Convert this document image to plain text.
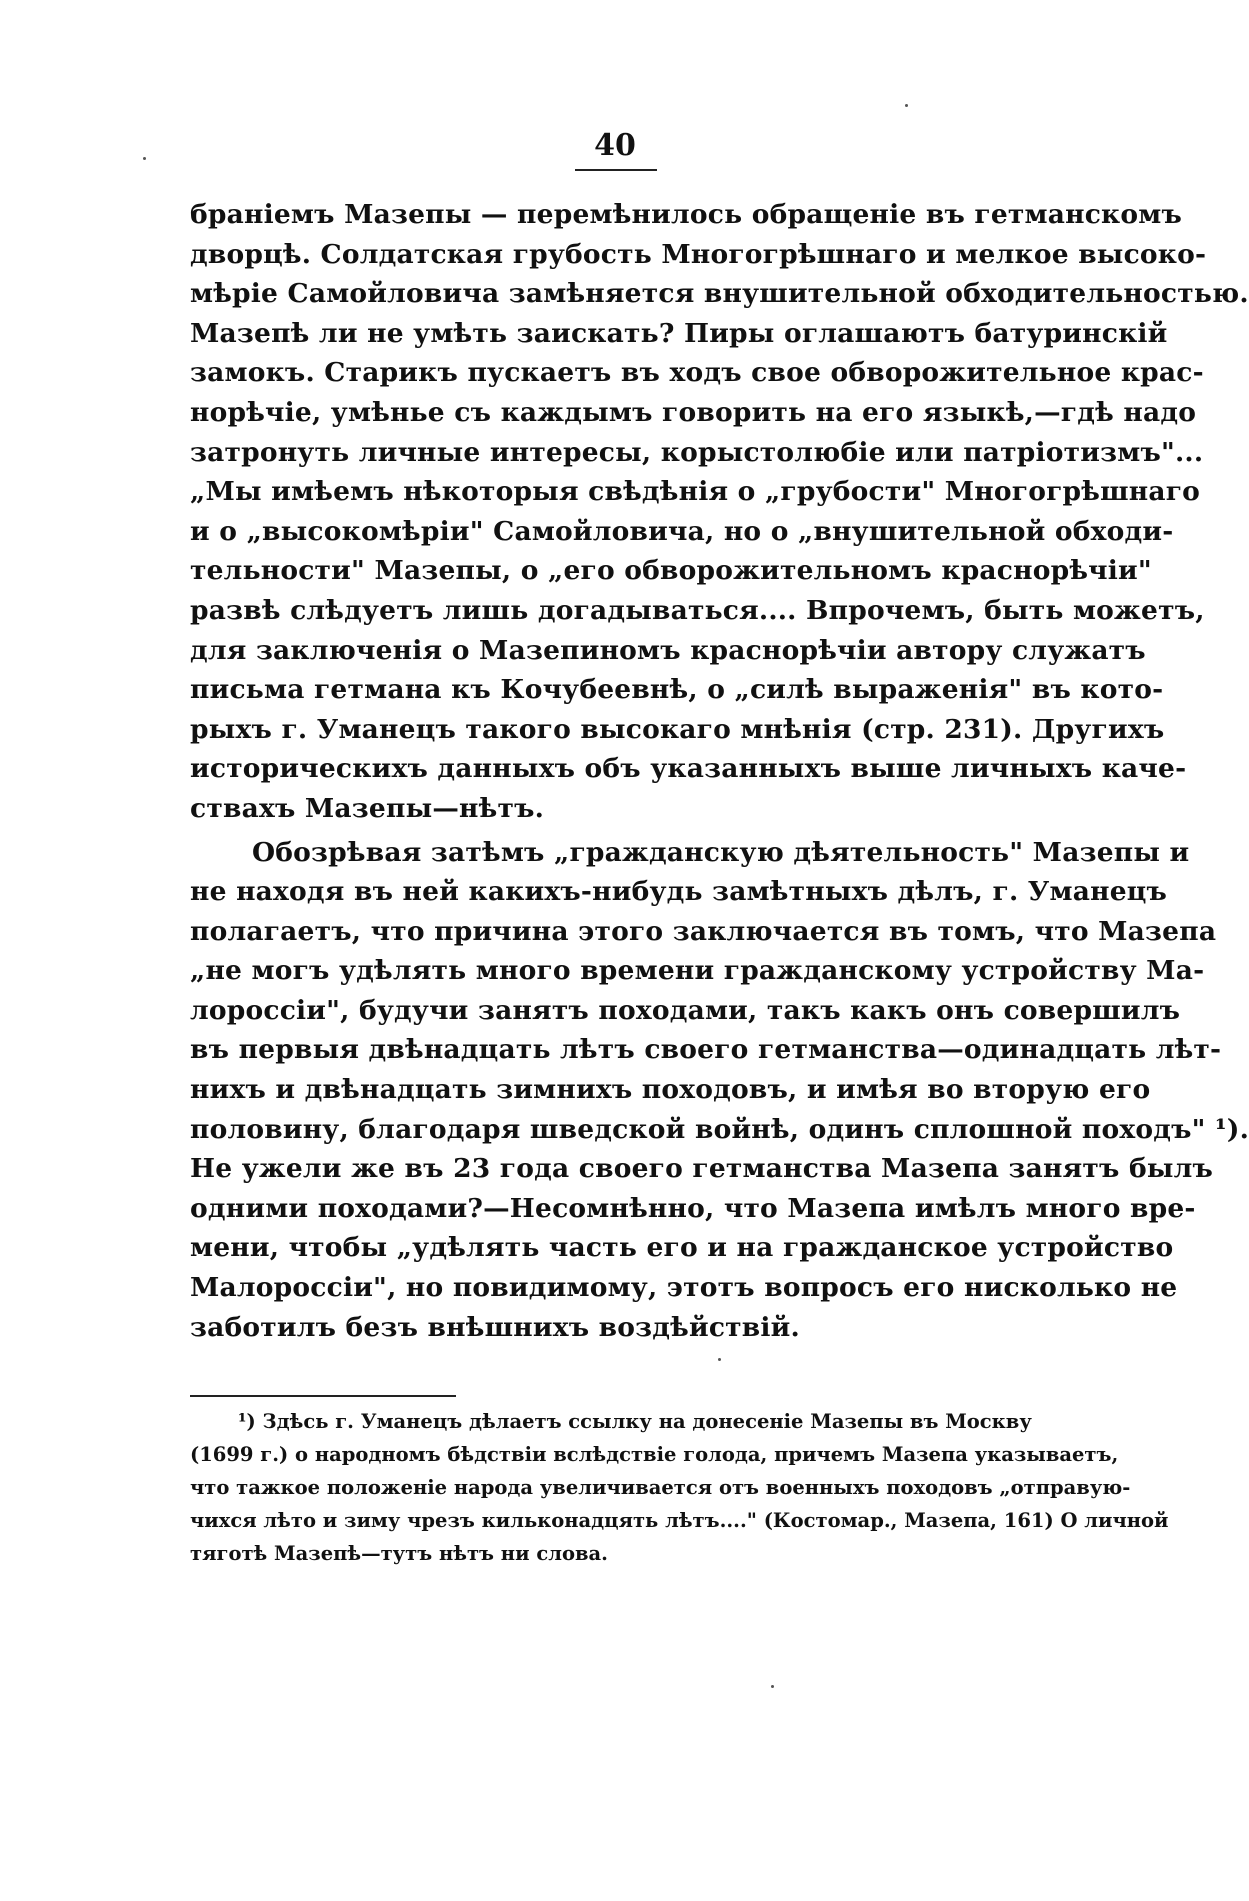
40
браніемъ Мазепы — перемѣнилось обращеніе въ гетманскомъ
дворцѣ. Солдатская грубость Многогрѣшнаго и мелкое высоко-
мѣріе Самойловича замѣняется внушительной обходительностью.
Мазепѣ ли не умѣть заискать? Пиры оглашаютъ батуринскій
замокъ. Старикъ пускаетъ въ ходъ свое обворожительное крас-
норѣчіе, умѣнье съ каждымъ говорить на его языкѣ,—гдѣ надо
затронуть личные интересы, корыстолюбіе или патріотизмъ"...
„Мы имѣемъ нѣкоторыя свѣдѣнія о „грубости" Многогрѣшнаго
и о „высокомѣріи" Самойловича, но о „внушительной обходи-
тельности" Мазепы, о „его обворожительномъ краснорѣчіи"
развѣ слѣдуетъ лишь догадываться.... Впрочемъ, быть можетъ,
для заключенія о Мазепиномъ краснорѣчіи автору служатъ
письма гетмана къ Кочубеевнѣ, о „силѣ выраженія" въ кото-
рыхъ г. Уманецъ такого высокаго мнѣнія (стр. 231). Другихъ
историческихъ данныхъ объ указанныхъ выше личныхъ каче-
ствахъ Мазепы—нѣтъ.
Обозрѣвая затѣмъ „гражданскую дѣятельность" Мазепы и
не находя въ ней какихъ-нибудь замѣтныхъ дѣлъ, г. Уманецъ
полагаетъ, что причина этого заключается въ томъ, что Мазепа
„не могъ удѣлять много времени гражданскому устройству Ма-
лороссіи", будучи занятъ походами, такъ какъ онъ совершилъ
въ первыя двѣнадцать лѣтъ своего гетманства—одинадцать лѣт-
нихъ и двѣнадцать зимнихъ походовъ, и имѣя во вторую его
половину, благодаря шведской войнѣ, одинъ сплошной походъ" ¹).
Не ужели же въ 23 года своего гетманства Мазепа занятъ былъ
одними походами?—Несомнѣнно, что Мазепа имѣлъ много вре-
мени, чтобы „удѣлять часть его и на гражданское устройство
Малороссіи", но повидимому, этотъ вопросъ его нисколько не
заботилъ безъ внѣшнихъ воздѣйствій.
¹) Здѣсь г. Уманецъ дѣлаетъ ссылку на донесеніе Мазепы въ Москву
(1699 г.) о народномъ бѣдствіи вслѣдствіе голода, причемъ Мазепа указываетъ,
что тажкое положеніе народа увеличивается отъ военныхъ походовъ „отправую-
чихся лѣто и зиму чрезъ кильконадцять лѣтъ...." (Костомар., Мазепа, 161) О личной
тяготѣ Мазепѣ—тутъ нѣтъ ни слова.
